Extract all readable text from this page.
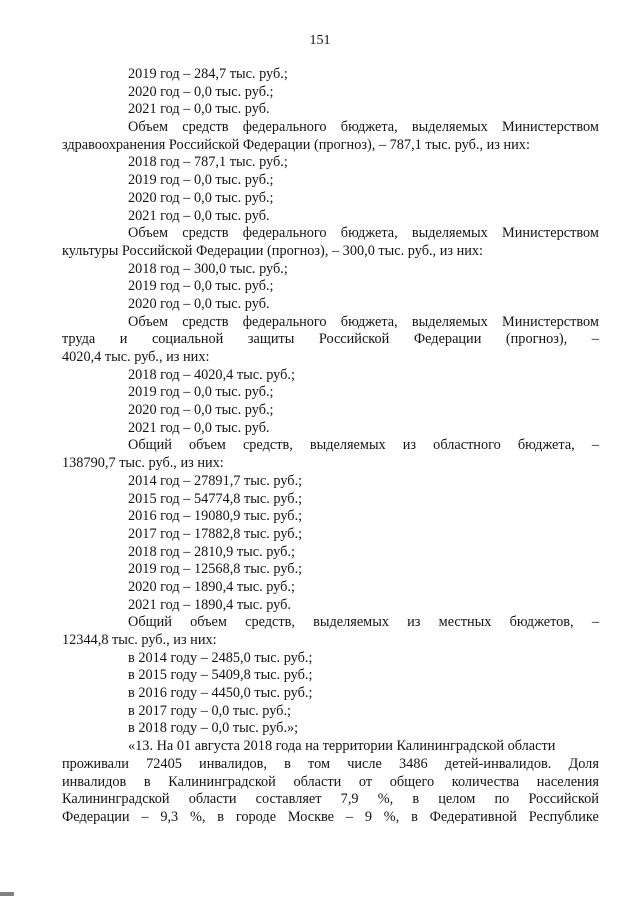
151
2019 год – 284,7 тыс. руб.;
2020 год – 0,0 тыс. руб.;
2021 год – 0,0 тыс. руб.
Объем средств федерального бюджета, выделяемых Министерством
здравоохранения Российской Федерации (прогноз), – 787,1 тыс. руб., из них:
2018 год – 787,1 тыс. руб.;
2019 год – 0,0 тыс. руб.;
2020 год – 0,0 тыс. руб.;
2021 год – 0,0 тыс. руб.
Объем средств федерального бюджета, выделяемых Министерством
культуры Российской Федерации (прогноз), – 300,0 тыс. руб., из них:
2018 год – 300,0 тыс. руб.;
2019 год – 0,0 тыс. руб.;
2020 год – 0,0 тыс. руб.
Объем средств федерального бюджета, выделяемых Министерством
труда и социальной защиты Российской Федерации (прогноз), –
4020,4 тыс. руб., из них:
2018 год – 4020,4 тыс. руб.;
2019 год – 0,0 тыс. руб.;
2020 год – 0,0 тыс. руб.;
2021 год – 0,0 тыс. руб.
Общий объем средств, выделяемых из областного бюджета, –
138790,7 тыс. руб., из них:
2014 год – 27891,7 тыс. руб.;
2015 год – 54774,8 тыс. руб.;
2016 год – 19080,9 тыс. руб.;
2017 год – 17882,8 тыс. руб.;
2018 год – 2810,9 тыс. руб.;
2019 год – 12568,8 тыс. руб.;
2020 год – 1890,4 тыс. руб.;
2021 год – 1890,4 тыс. руб.
Общий объем средств, выделяемых из местных бюджетов, –
12344,8 тыс. руб., из них:
в 2014 году – 2485,0 тыс. руб.;
в 2015 году – 5409,8 тыс. руб.;
в 2016 году – 4450,0 тыс. руб.;
в 2017 году – 0,0 тыс. руб.;
в 2018 году – 0,0 тыс. руб.»;
«13. На 01 августа 2018 года на территории Калининградской области
проживали 72405 инвалидов, в том числе 3486 детей-инвалидов. Доля
инвалидов в Калининградской области от общего количества населения
Калининградской области составляет 7,9 %, в целом по Российской
Федерации – 9,3 %, в городе Москве – 9 %, в Федеративной Республике
